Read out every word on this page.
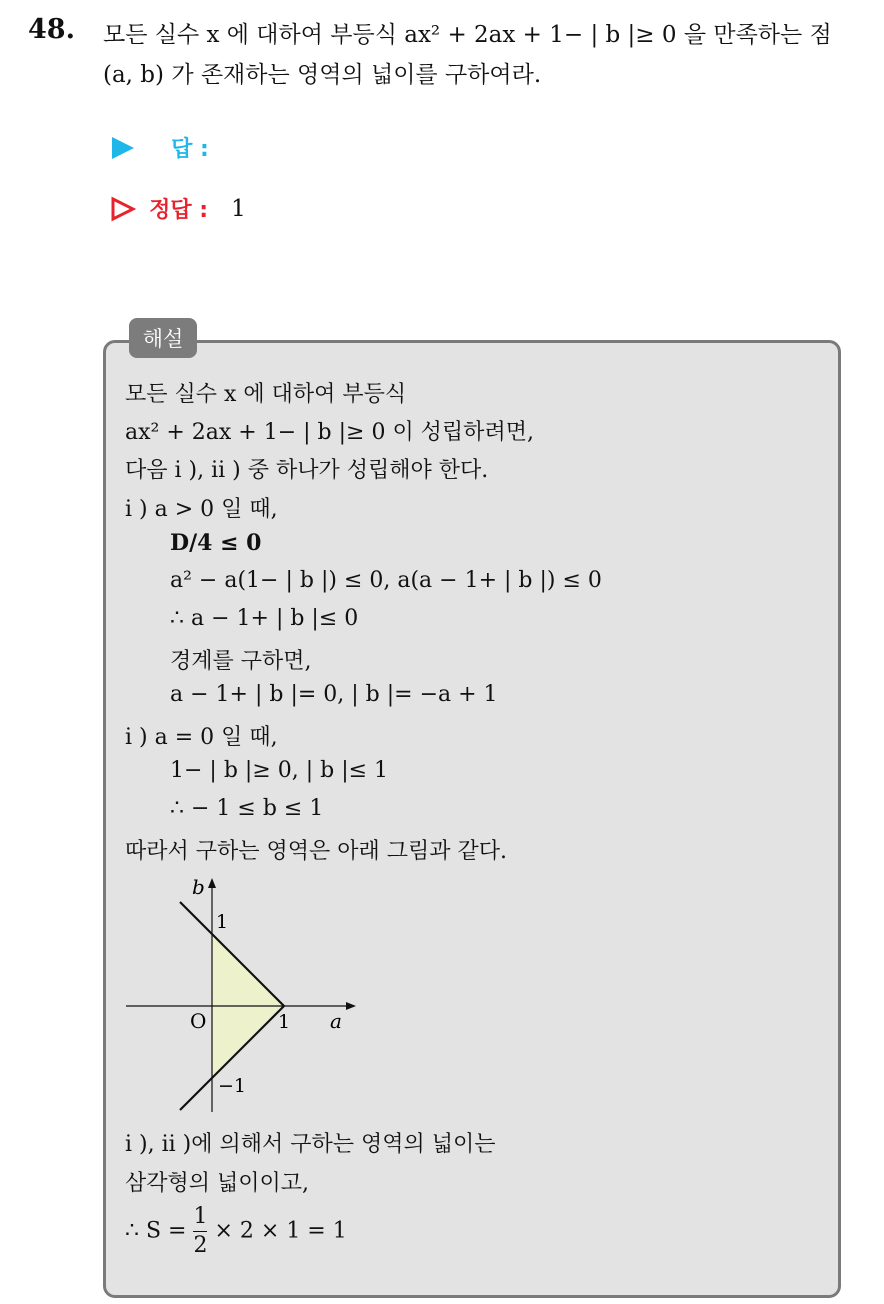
48. 모든 실수 x 에 대하여 부등식 ax² + 2ax + 1− | b |≥ 0 을 만족하는 점
(a, b) 가 존재하는 영역의 넓이를 구하여라.
답 :
정답 : 1
해설
모든 실수 x 에 대하여 부등식
ax² + 2ax + 1− | b |≥ 0 이 성립하려면,
다음 i ), ii ) 중 하나가 성립해야 한다.
i ) a > 0 일 때,
D/4 ≤ 0
a² − a(1− | b |) ≤ 0, a(a − 1+ | b |) ≤ 0
∴ a − 1+ | b |≤ 0
경계를 구하면,
a − 1+ | b |= 0, | b |= −a + 1
i ) a = 0 일 때,
1− | b |≥ 0, | b |≤ 1
∴ − 1 ≤ b ≤ 1
따라서 구하는 영역은 아래 그림과 같다.
b
a
O
1
1
−1
i ), ii )에 의해서 구하는 영역의 넓이는
삼각형의 넓이이고,
∴ $S = \frac{1}{2} \times 2 \times 1 = 1$
